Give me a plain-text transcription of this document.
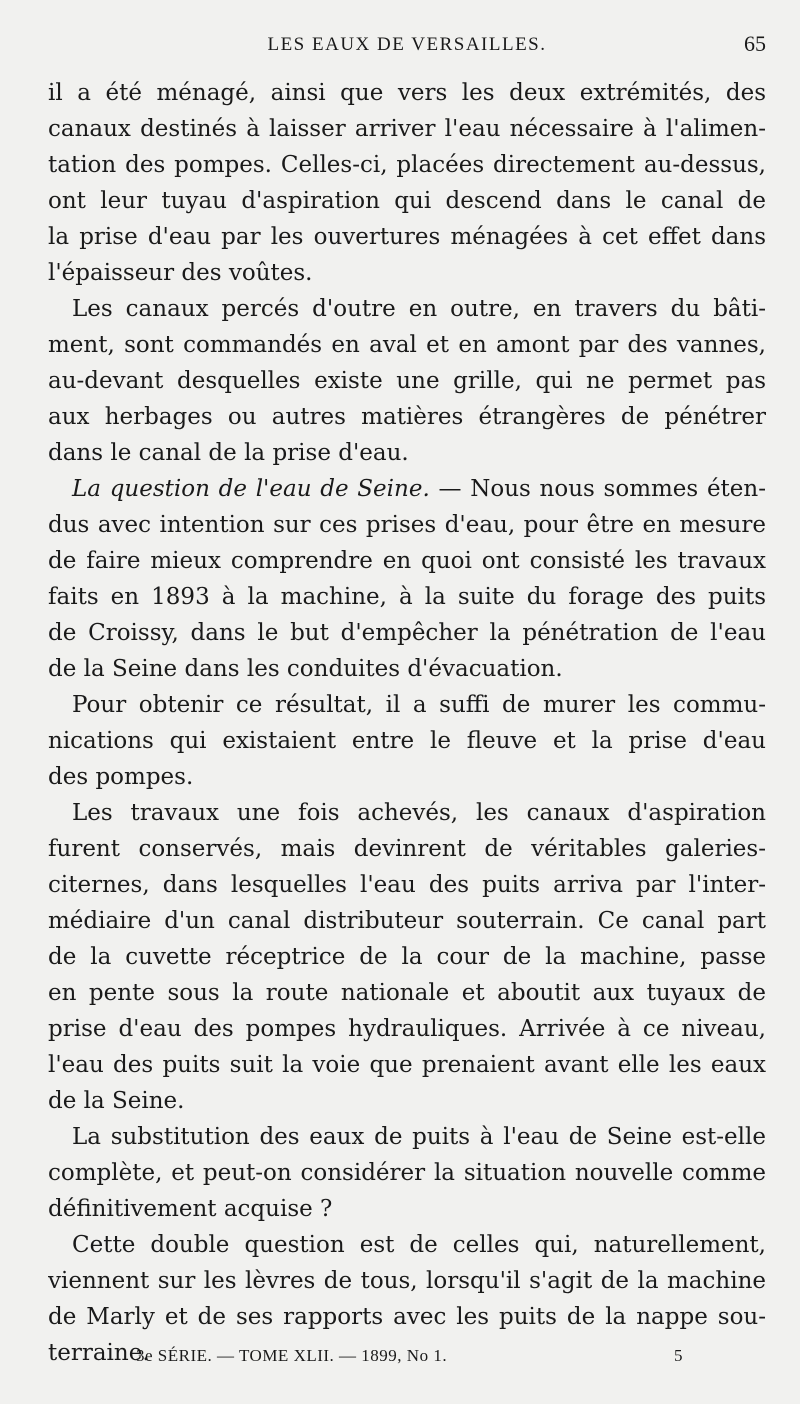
LES EAUX DE VERSAILLES.	65
il a été ménagé, ainsi que vers les deux extrémités, des
canaux destinés à laisser arriver l'eau nécessaire à l'alimen-
tation des pompes. Celles-ci, placées directement au-dessus,
ont leur tuyau d'aspiration qui descend dans le canal de
la prise d'eau par les ouvertures ménagées à cet effet dans
l'épaisseur des voûtes.
Les canaux percés d'outre en outre, en travers du bâti-
ment, sont commandés en aval et en amont par des vannes,
au-devant desquelles existe une grille, qui ne permet pas
aux herbages ou autres matières étrangères de pénétrer
dans le canal de la prise d'eau.
La question de l'eau de Seine. — Nous nous sommes éten-
dus avec intention sur ces prises d'eau, pour être en mesure
de faire mieux comprendre en quoi ont consisté les travaux
faits en 1893 à la machine, à la suite du forage des puits
de Croissy, dans le but d'empêcher la pénétration de l'eau
de la Seine dans les conduites d'évacuation.
Pour obtenir ce résultat, il a suffi de murer les commu-
nications qui existaient entre le fleuve et la prise d'eau
des pompes.
Les travaux une fois achevés, les canaux d'aspiration
furent conservés, mais devinrent de véritables galeries-
citernes, dans lesquelles l'eau des puits arriva par l'inter-
médiaire d'un canal distributeur souterrain. Ce canal part
de la cuvette réceptrice de la cour de la machine, passe
en pente sous la route nationale et aboutit aux tuyaux de
prise d'eau des pompes hydrauliques. Arrivée à ce niveau,
l'eau des puits suit la voie que prenaient avant elle les eaux
de la Seine.
La substitution des eaux de puits à l'eau de Seine est-elle
complète, et peut-on considérer la situation nouvelle comme
définitivement acquise ?
Cette double question est de celles qui, naturellement,
viennent sur les lèvres de tous, lorsqu'il s'agit de la machine
de Marly et de ses rapports avec les puits de la nappe sou-
terraine.
3e SÉRIE. — TOME XLII. — 1899, No 1.	5
